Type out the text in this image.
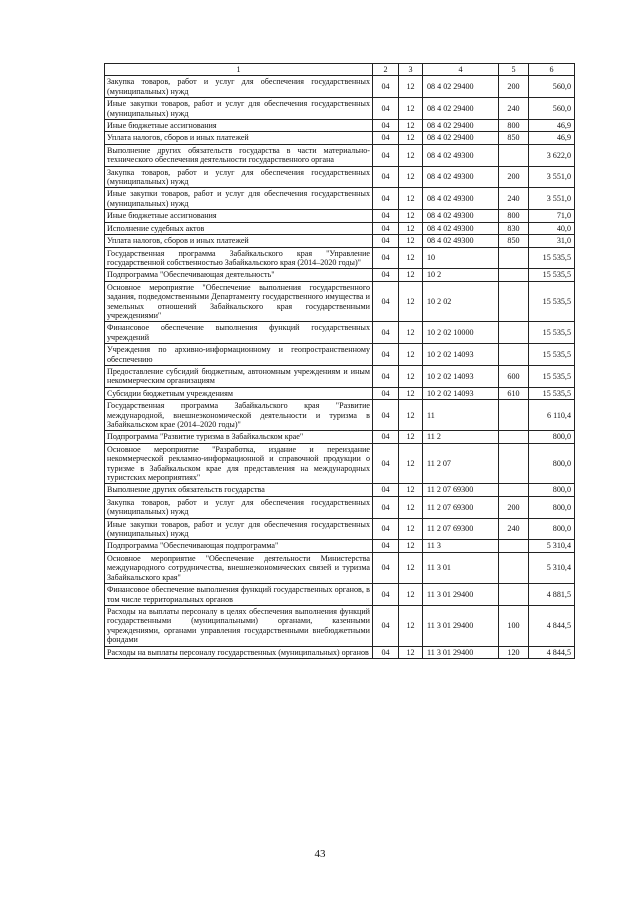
1	2	3	4	5	6
Закупка товаров, работ и услуг для обеспечения государственных (муниципальных) нужд	04	12	08 4 02 29400	200	560,0
Иные закупки товаров, работ и услуг для обеспечения государственных (муниципальных) нужд	04	12	08 4 02 29400	240	560,0
Иные бюджетные ассигнования	04	12	08 4 02 29400	800	46,9
Уплата налогов, сборов и иных платежей	04	12	08 4 02 29400	850	46,9
Выполнение других обязательств государства в части материально-технического обеспечения деятельности государственного органа	04	12	08 4 02 49300		3 622,0
Закупка товаров, работ и услуг для обеспечения государственных (муниципальных) нужд	04	12	08 4 02 49300	200	3 551,0
Иные закупки товаров, работ и услуг для обеспечения государственных (муниципальных) нужд	04	12	08 4 02 49300	240	3 551,0
Иные бюджетные ассигнования	04	12	08 4 02 49300	800	71,0
Исполнение судебных актов	04	12	08 4 02 49300	830	40,0
Уплата налогов, сборов и иных платежей	04	12	08 4 02 49300	850	31,0
Государственная программа Забайкальского края "Управление государственной собственностью Забайкальского края (2014–2020 годы)"	04	12	10		15 535,5
Подпрограмма "Обеспечивающая деятельность"	04	12	10 2		15 535,5
Основное мероприятие "Обеспечение выполнения государственного задания, подведомственными Департаменту государственного имущества и земельных отношений Забайкальского края государственными учреждениями"	04	12	10 2 02		15 535,5
Финансовое обеспечение выполнения функций государственных учреждений	04	12	10 2 02 10000		15 535,5
Учреждения по архивно-информационному и геопространственному обеспечению	04	12	10 2 02 14093		15 535,5
Предоставление субсидий бюджетным, автономным учреждениям и иным некоммерческим организациям	04	12	10 2 02 14093	600	15 535,5
Субсидии бюджетным учреждениям	04	12	10 2 02 14093	610	15 535,5
Государственная программа Забайкальского края "Развитие международной, внешнеэкономической деятельности и туризма в Забайкальском крае (2014–2020 годы)"	04	12	11		6 110,4
Подпрограмма "Развитие туризма в Забайкальском крае"	04	12	11 2		800,0
Основное мероприятие "Разработка, издание и переиздание некоммерческой рекламно-информационной и справочной продукции о туризме в Забайкальском крае для представления на международных туристских мероприятиях"	04	12	11 2 07		800,0
Выполнение других обязательств государства	04	12	11 2 07 69300		800,0
Закупка товаров, работ и услуг для обеспечения государственных (муниципальных) нужд	04	12	11 2 07 69300	200	800,0
Иные закупки товаров, работ и услуг для обеспечения государственных (муниципальных) нужд	04	12	11 2 07 69300	240	800,0
Подпрограмма "Обеспечивающая подпрограмма"	04	12	11 3		5 310,4
Основное мероприятие "Обеспечение деятельности Министерства международного сотрудничества, внешнеэкономических связей и туризма Забайкальского края"	04	12	11 3 01		5 310,4
Финансовое обеспечение выполнения функций государственных органов, в том числе территориальных органов	04	12	11 3 01 29400		4 881,5
Расходы на выплаты персоналу в целях обеспечения выполнения функций государственными (муниципальными) органами, казенными учреждениями, органами управления государственными внебюджетными фондами	04	12	11 3 01 29400	100	4 844,5
Расходы на выплаты персоналу государственных (муниципальных) органов	04	12	11 3 01 29400	120	4 844,5
43
